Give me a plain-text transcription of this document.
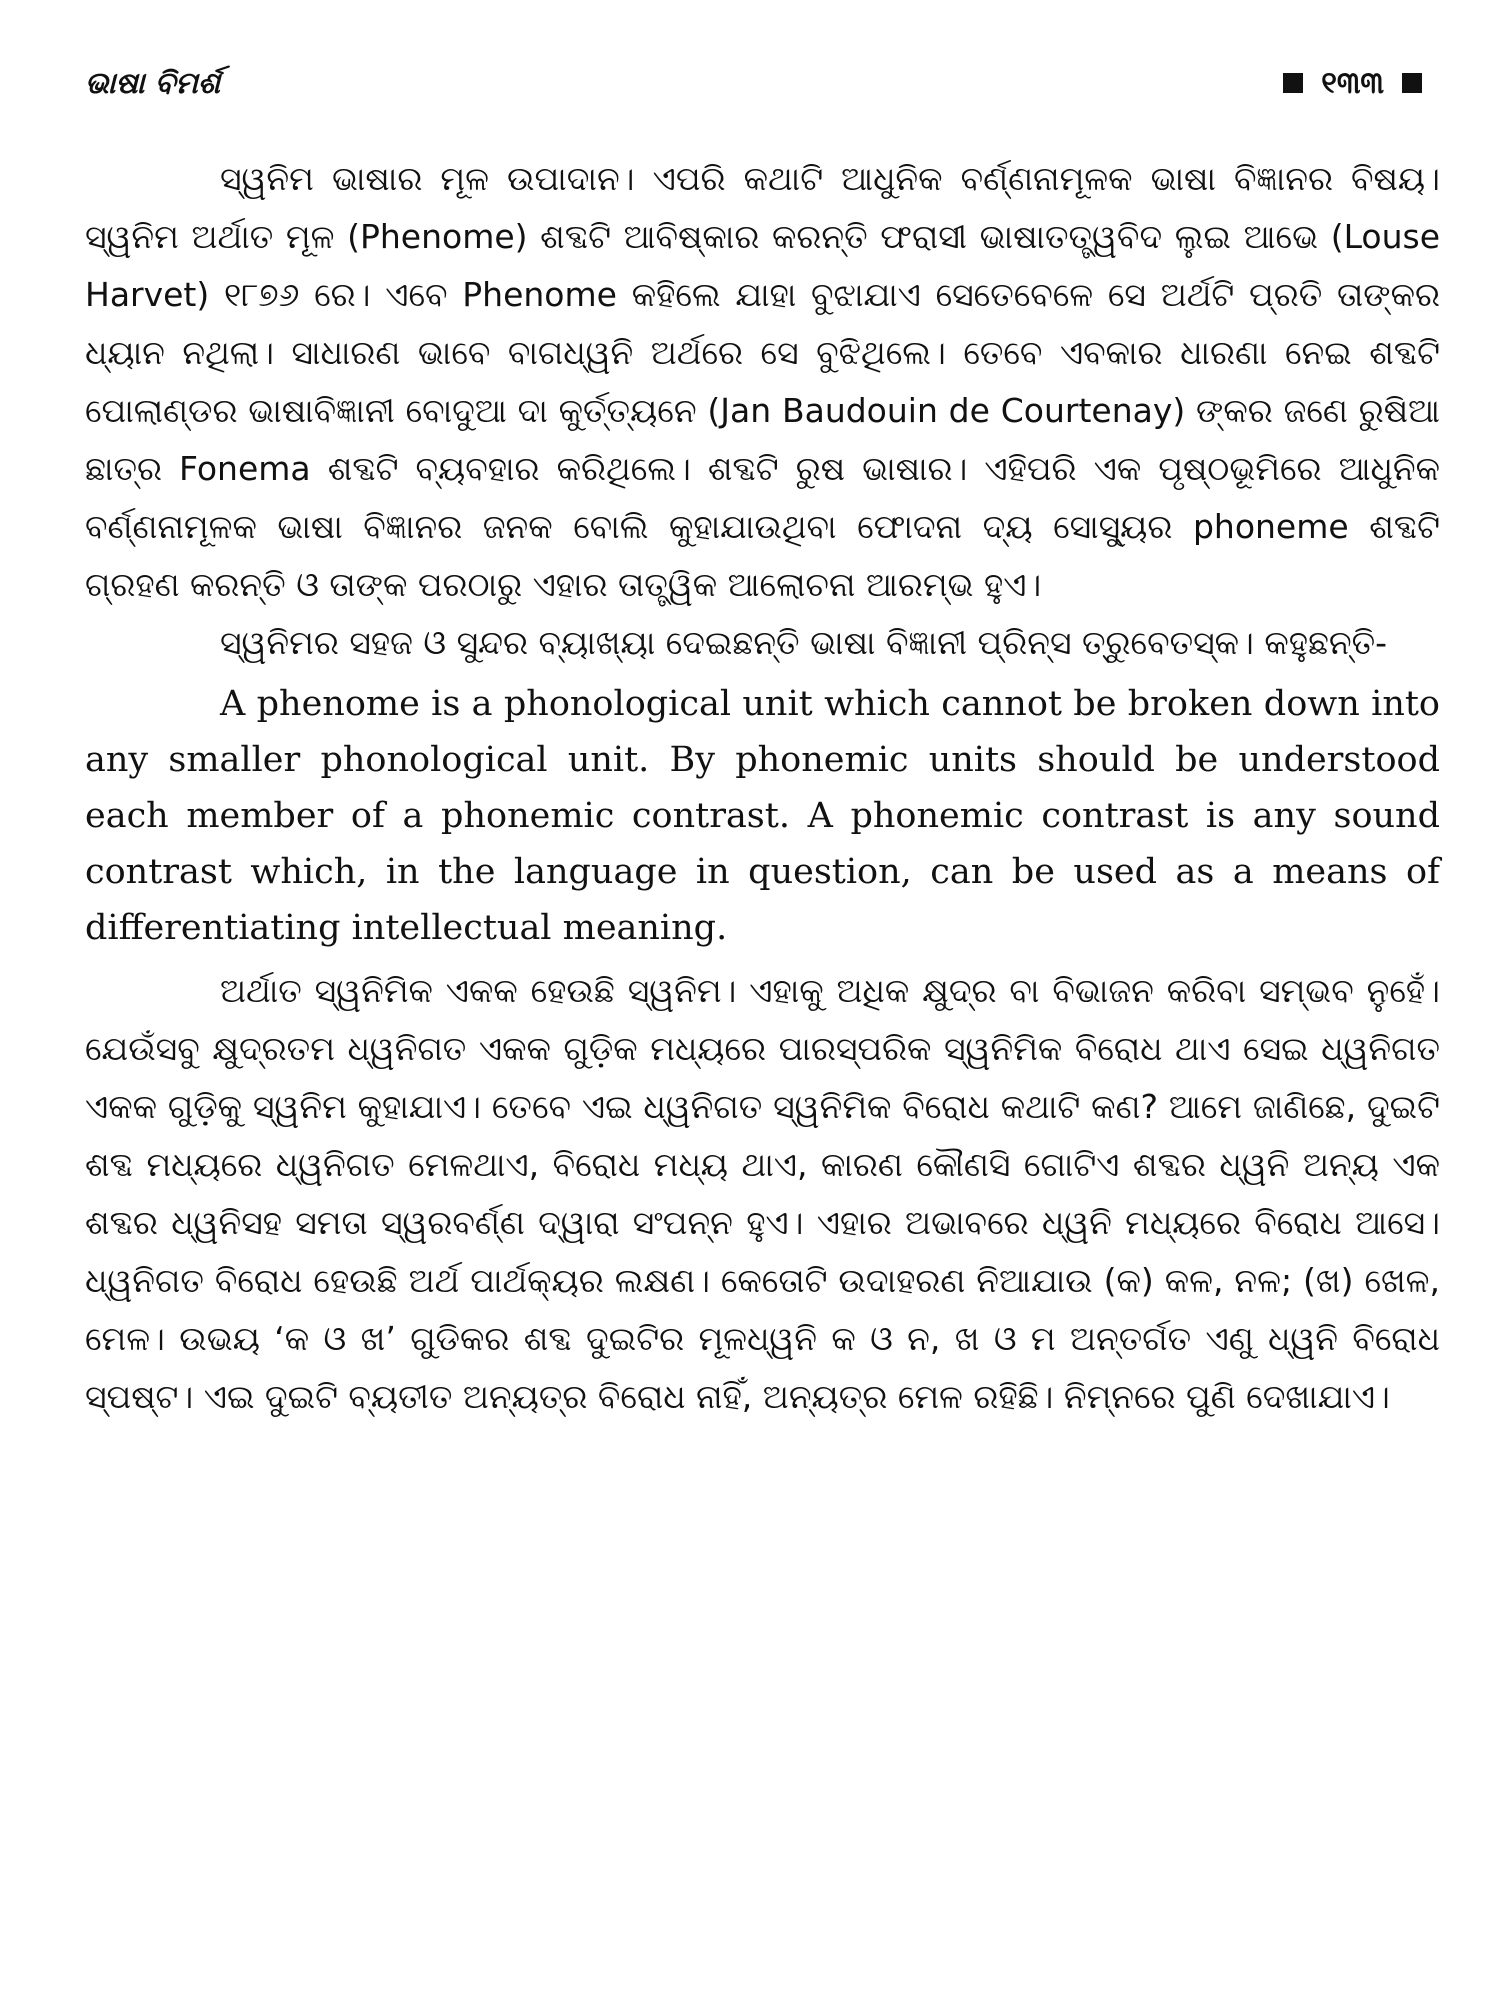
ଭାଷା ବିମର୍ଶ	୧୩୩

ସ୍ୱନିମ ଭାଷାର ମୂଳ ଉପାଦାନ। ଏପରି କଥାଟି ଆଧୁନିକ ବର୍ଣ୍ଣନାମୂଳକ ଭାଷା ବିଜ୍ଞାନର ବିଷୟ। ସ୍ୱନିମ ଅର୍ଥାତ ମୂଳ (Phenome) ଶବ୍ଦଟି ଆବିଷ୍କାର କରନ୍ତି ଫରାସୀ ଭାଷାତତ୍ତ୍ୱବିଦ ଲୁଇ ଆଭେ (Louse Harvet) ୧୮୭୬ ରେ। ଏବେ Phenome କହିଲେ ଯାହା ବୁଝାଯାଏ ସେତେବେଳେ ସେ ଅର୍ଥଟି ପ୍ରତି ତାଙ୍କର ଧ୍ୟାନ ନଥିଲା। ସାଧାରଣ ଭାବେ ବାଗଧ୍ୱନି ଅର୍ଥରେ ସେ ବୁଝିଥିଲେ। ତେବେ ଏବକାର ଧାରଣା ନେଇ ଶବ୍ଦଟି ପୋଲାଣ୍ଡର ଭାଷାବିଜ୍ଞାନୀ ବୋଦୁଆ ଦା କୁର୍ତ୍ତ୍ୟନେ (Jan Baudouin de Courtenay) ଙ୍କର ଜଣେ ରୁଷିଆ ଛାତ୍ର Fonema ଶବ୍ଦଟି ବ୍ୟବହାର କରିଥିଲେ। ଶବ୍ଦଟି ରୁଷ ଭାଷାର। ଏହିପରି ଏକ ପୃଷ୍ଠଭୂମିରେ ଆଧୁନିକ ବର୍ଣ୍ଣନାମୂଳକ ଭାଷା ବିଜ୍ଞାନର ଜନକ ବୋଲି କୁହାଯାଉଥିବା ଫୋଦନା ଦ୍ୟ ସୋସ୍ୟୁର phoneme ଶବ୍ଦଟି ଗ୍ରହଣ କରନ୍ତି ଓ ତାଙ୍କ ପରଠାରୁ ଏହାର ତାତ୍ତ୍ୱିକ ଆଲୋଚନା ଆରମ୍ଭ ହୁଏ।

ସ୍ୱନିମର ସହଜ ଓ ସୁନ୍ଦର ବ୍ୟାଖ୍ୟା ଦେଇଛନ୍ତି ଭାଷା ବିଜ୍ଞାନୀ ପ୍ରିନ୍ସ ତ୍ରୁବେତସ୍କ। କହୁଛନ୍ତି-

A phenome is a phonological unit which cannot be broken down into any smaller phonological unit. By phonemic units should be understood each member of a phonemic contrast. A phonemic contrast is any sound contrast which, in the language in question, can be used as a means of differentiating intellectual meaning.

ଅର୍ଥାତ ସ୍ୱନିମିକ ଏକକ ହେଉଛି ସ୍ୱନିମ। ଏହାକୁ ଅଧିକ କ୍ଷୁଦ୍ର ବା ବିଭାଜନ କରିବା ସମ୍ଭବ ନୁହେଁ। ଯେଉଁସବୁ କ୍ଷୁଦ୍ରତମ ଧ୍ୱନିଗତ ଏକକ ଗୁଡ଼ିକ ମଧ୍ୟରେ ପାରସ୍ପରିକ ସ୍ୱନିମିକ ବିରୋଧ ଥାଏ ସେଇ ଧ୍ୱନିଗତ ଏକକ ଗୁଡ଼ିକୁ ସ୍ୱନିମ କୁହାଯାଏ। ତେବେ ଏଇ ଧ୍ୱନିଗତ ସ୍ୱନିମିକ ବିରୋଧ କଥାଟି କଣ? ଆମେ ଜାଣିଛେ, ଦୁଇଟି ଶବ୍ଦ ମଧ୍ୟରେ ଧ୍ୱନିଗତ ମେଳଥାଏ, ବିରୋଧ ମଧ୍ୟ ଥାଏ, କାରଣ କୌଣସି ଗୋଟିଏ ଶବ୍ଦର ଧ୍ୱନି ଅନ୍ୟ ଏକ ଶବ୍ଦର ଧ୍ୱନିସହ ସମତା ସ୍ୱରବର୍ଣ୍ଣ ଦ୍ୱାରା ସଂପନ୍ନ ହୁଏ। ଏହାର ଅଭାବରେ ଧ୍ୱନି ମଧ୍ୟରେ ବିରୋଧ ଆସେ। ଧ୍ୱନିଗତ ବିରୋଧ ହେଉଛି ଅର୍ଥ ପାର୍ଥକ୍ୟର ଲକ୍ଷଣ। କେତୋଟି ଉଦାହରଣ ନିଆଯାଉ (କ) କଳ, ନଳ; (ଖ) ଖେଳ, ମେଳ। ଉଭୟ ‘କ ଓ ଖ’ ଗୁଡିକର ଶବ୍ଦ ଦୁଇଟିର ମୂଳଧ୍ୱନି କ ଓ ନ, ଖ ଓ ମ ଅନ୍ତର୍ଗତ ଏଣୁ ଧ୍ୱନି ବିରୋଧ ସ୍ପଷ୍ଟ। ଏଇ ଦୁଇଟି ବ୍ୟତୀତ ଅନ୍ୟତ୍ର ବିରୋଧ ନାହିଁ, ଅନ୍ୟତ୍ର ମେଳ ରହିଛି। ନିମ୍ନରେ ପୁଣି ଦେଖାଯାଏ।
